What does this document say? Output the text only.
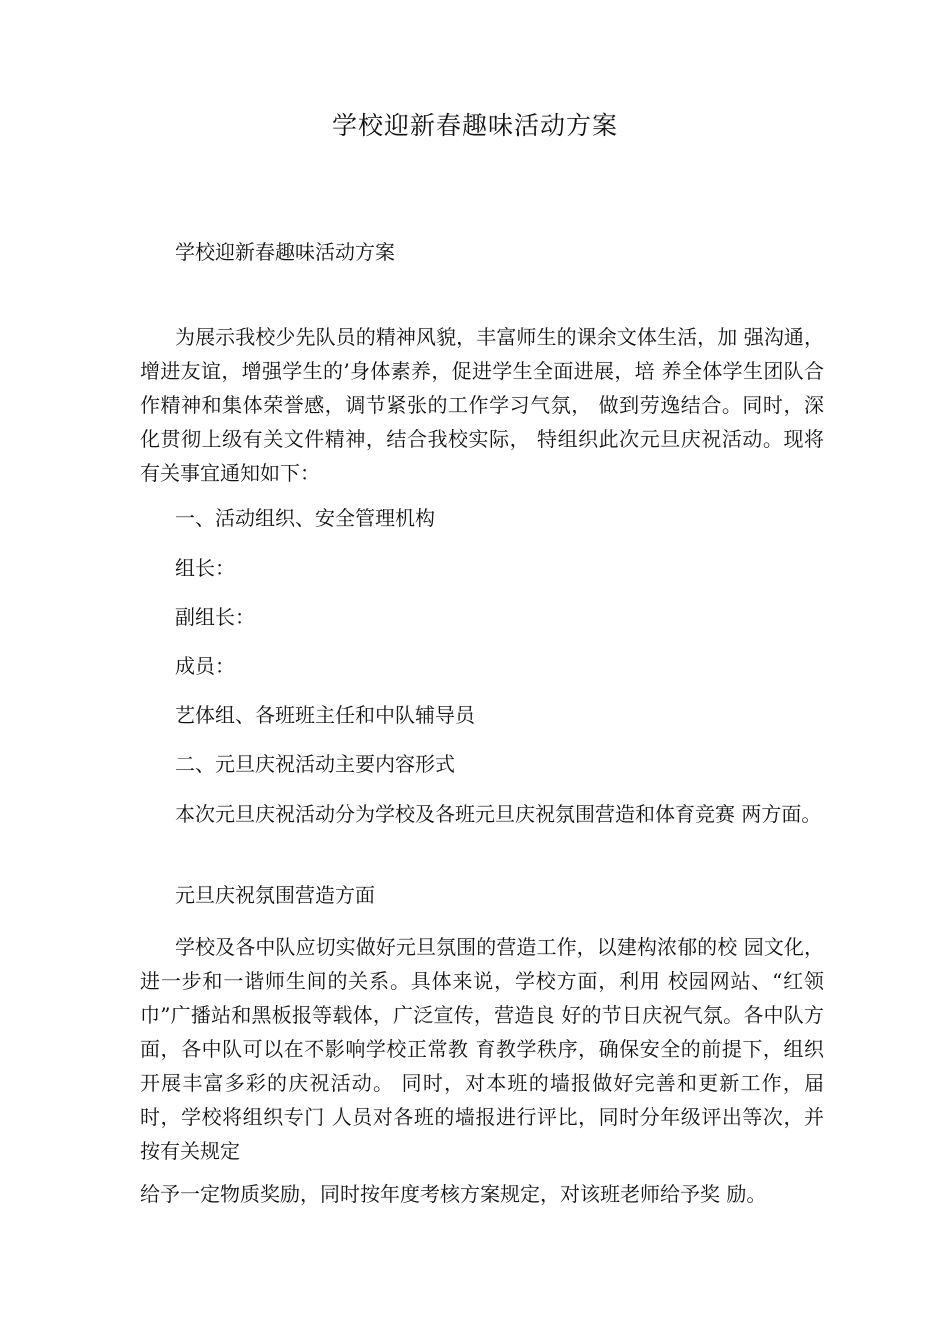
学校迎新春趣味活动方案

学校迎新春趣味活动方案

为展示我校少先队员的精神风貌，丰富师生的课余文体生活，加 强沟通，增进友谊，增强学生的’身体素养，促进学生全面进展，培 养全体学生团队合作精神和集体荣誉感，调节紧张的工作学习气氛， 做到劳逸结合。同时，深化贯彻上级有关文件精神，结合我校实际， 特组织此次元旦庆祝活动。现将有关事宜通知如下：

一、活动组织、安全管理机构

组长：

副组长：

成员：

艺体组、各班班主任和中队辅导员

二、元旦庆祝活动主要内容形式

本次元旦庆祝活动分为学校及各班元旦庆祝氛围营造和体育竞赛 两方面。

元旦庆祝氛围营造方面

学校及各中队应切实做好元旦氛围的营造工作，以建构浓郁的校 园文化，进一步和一谐师生间的关系。具体来说，学校方面，利用 校园网站、“红领巾”广播站和黑板报等载体，广泛宣传，营造良 好的节日庆祝气氛。各中队方面，各中队可以在不影响学校正常教 育教学秩序，确保安全的前提下，组织开展丰富多彩的庆祝活动。 同时，对本班的墙报做好完善和更新工作，届时，学校将组织专门 人员对各班的墙报进行评比，同时分年级评出等次，并按有关规定

给予一定物质奖励，同时按年度考核方案规定，对该班老师给予奖 励。
